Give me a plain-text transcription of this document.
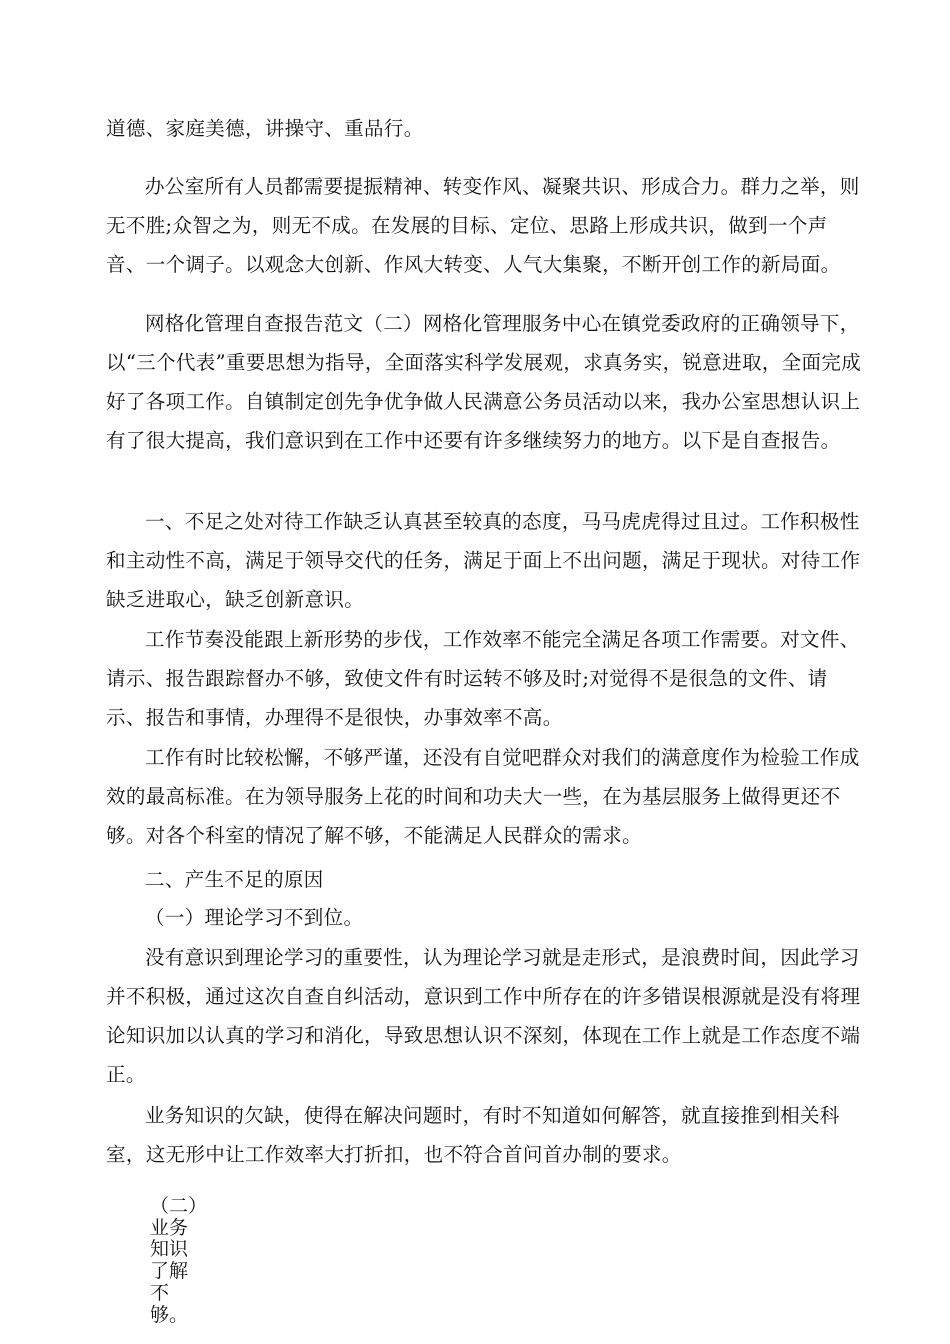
道德、家庭美德，讲操守、重品行。

办公室所有人员都需要提振精神、转变作风、凝聚共识、形成合力。群力之举，则无不胜;众智之为，则无不成。在发展的目标、定位、思路上形成共识，做到一个声音、一个调子。以观念大创新、作风大转变、人气大集聚，不断开创工作的新局面。

网格化管理自查报告范文（二）网格化管理服务中心在镇党委政府的正确领导下，以“三个代表”重要思想为指导，全面落实科学发展观，求真务实，锐意进取，全面完成好了各项工作。自镇制定创先争优争做人民满意公务员活动以来，我办公室思想认识上有了很大提高，我们意识到在工作中还要有许多继续努力的地方。以下是自查报告。

一、不足之处对待工作缺乏认真甚至较真的态度，马马虎虎得过且过。工作积极性和主动性不高，满足于领导交代的任务，满足于面上不出问题，满足于现状。对待工作缺乏进取心，缺乏创新意识。

工作节奏没能跟上新形势的步伐，工作效率不能完全满足各项工作需要。对文件、请示、报告跟踪督办不够，致使文件有时运转不够及时;对觉得不是很急的文件、请示、报告和事情，办理得不是很快，办事效率不高。

工作有时比较松懈，不够严谨，还没有自觉吧群众对我们的满意度作为检验工作成效的最高标准。在为领导服务上花的时间和功夫大一些，在为基层服务上做得更还不够。对各个科室的情况了解不够，不能满足人民群众的需求。

二、产生不足的原因

（一）理论学习不到位。

没有意识到理论学习的重要性，认为理论学习就是走形式，是浪费时间，因此学习并不积极，通过这次自查自纠活动，意识到工作中所存在的许多错误根源就是没有将理论知识加以认真的学习和消化，导致思想认识不深刻，体现在工作上就是工作态度不端正。

业务知识的欠缺，使得在解决问题时，有时不知道如何解答，就直接推到相关科室，这无形中让工作效率大打折扣，也不符合首问首办制的要求。

（二）业务知识了解不够。
